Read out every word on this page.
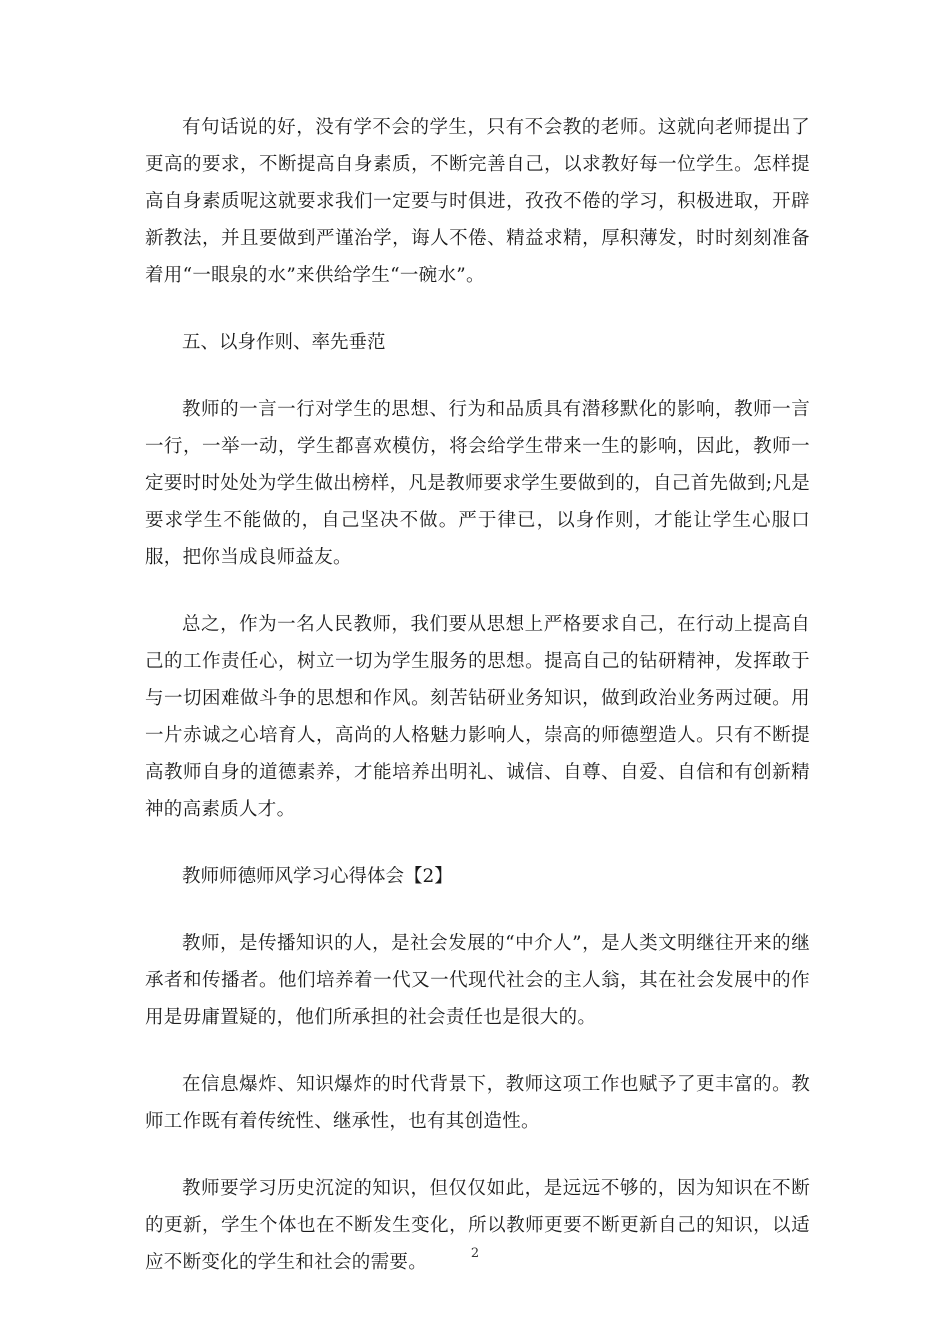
有句话说的好，没有学不会的学生，只有不会教的老师。这就向老师提出了更高的要求，不断提高自身素质，不断完善自己，以求教好每一位学生。怎样提高自身素质呢这就要求我们一定要与时俱进，孜孜不倦的学习，积极进取，开辟新教法，并且要做到严谨治学，诲人不倦、精益求精，厚积薄发，时时刻刻准备着用“一眼泉的水”来供给学生“一碗水”。

五、以身作则、率先垂范

教师的一言一行对学生的思想、行为和品质具有潜移默化的影响，教师一言一行，一举一动，学生都喜欢模仿，将会给学生带来一生的影响，因此，教师一定要时时处处为学生做出榜样，凡是教师要求学生要做到的，自己首先做到;凡是要求学生不能做的，自己坚决不做。严于律已，以身作则，才能让学生心服口服，把你当成良师益友。

总之，作为一名人民教师，我们要从思想上严格要求自己，在行动上提高自己的工作责任心，树立一切为学生服务的思想。提高自己的钻研精神，发挥敢于与一切困难做斗争的思想和作风。刻苦钻研业务知识，做到政治业务两过硬。用一片赤诚之心培育人，高尚的人格魅力影响人，崇高的师德塑造人。只有不断提高教师自身的道德素养，才能培养出明礼、诚信、自尊、自爱、自信和有创新精神的高素质人才。

教师师德师风学习心得体会【2】

教师，是传播知识的人，是社会发展的“中介人”，是人类文明继往开来的继承者和传播者。他们培养着一代又一代现代社会的主人翁，其在社会发展中的作用是毋庸置疑的，他们所承担的社会责任也是很大的。

在信息爆炸、知识爆炸的时代背景下，教师这项工作也赋予了更丰富的。教师工作既有着传统性、继承性，也有其创造性。

教师要学习历史沉淀的知识，但仅仅如此，是远远不够的，因为知识在不断的更新，学生个体也在不断发生变化，所以教师更要不断更新自己的知识，以适应不断变化的学生和社会的需要。	2
